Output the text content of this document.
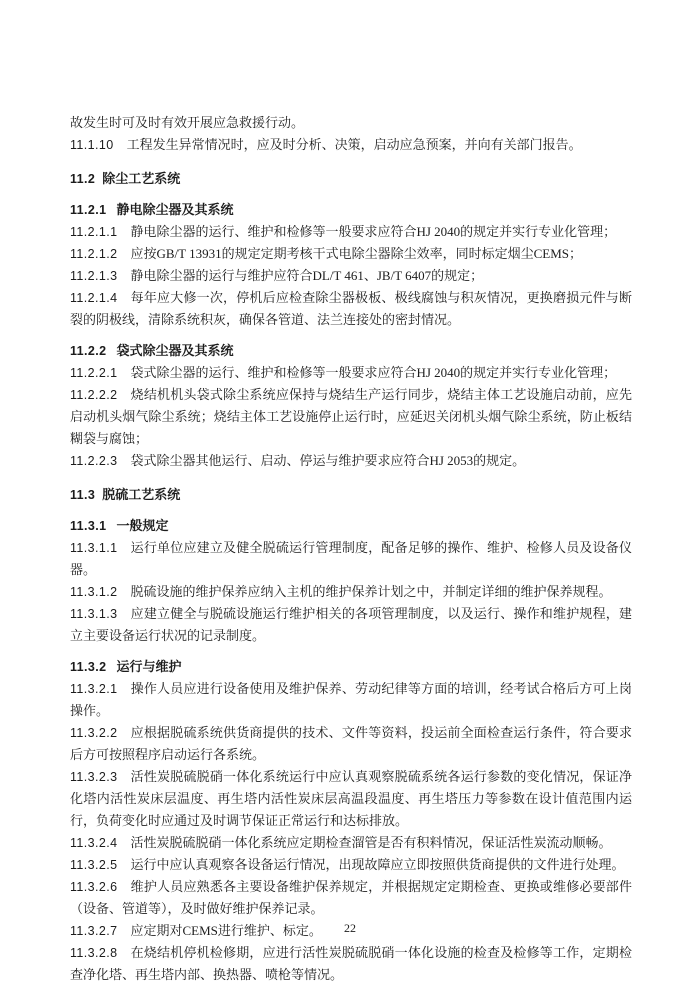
故发生时可及时有效开展应急救援行动。

11.1.10 工程发生异常情况时，应及时分析、决策，启动应急预案，并向有关部门报告。

11.2 除尘工艺系统

11.2.1 静电除尘器及其系统

11.2.1.1 静电除尘器的运行、维护和检修等一般要求应符合HJ 2040的规定并实行专业化管理；

11.2.1.2 应按GB/T 13931的规定定期考核干式电除尘器除尘效率，同时标定烟尘CEMS；

11.2.1.3 静电除尘器的运行与维护应符合DL/T 461、JB/T 6407的规定；

11.2.1.4 每年应大修一次，停机后应检查除尘器极板、极线腐蚀与积灰情况，更换磨损元件与断裂的阴极线，清除系统积灰，确保各管道、法兰连接处的密封情况。

11.2.2 袋式除尘器及其系统

11.2.2.1 袋式除尘器的运行、维护和检修等一般要求应符合HJ 2040的规定并实行专业化管理；

11.2.2.2 烧结机机头袋式除尘系统应保持与烧结生产运行同步，烧结主体工艺设施启动前，应先启动机头烟气除尘系统；烧结主体工艺设施停止运行时，应延迟关闭机头烟气除尘系统，防止板结糊袋与腐蚀；

11.2.2.3 袋式除尘器其他运行、启动、停运与维护要求应符合HJ 2053的规定。

11.3 脱硫工艺系统

11.3.1 一般规定

11.3.1.1 运行单位应建立及健全脱硫运行管理制度，配备足够的操作、维护、检修人员及设备仪器。

11.3.1.2 脱硫设施的维护保养应纳入主机的维护保养计划之中，并制定详细的维护保养规程。

11.3.1.3 应建立健全与脱硫设施运行维护相关的各项管理制度，以及运行、操作和维护规程，建立主要设备运行状况的记录制度。

11.3.2 运行与维护

11.3.2.1 操作人员应进行设备使用及维护保养、劳动纪律等方面的培训，经考试合格后方可上岗操作。

11.3.2.2 应根据脱硫系统供货商提供的技术、文件等资料，投运前全面检查运行条件，符合要求后方可按照程序启动运行各系统。

11.3.2.3 活性炭脱硫脱硝一体化系统运行中应认真观察脱硫系统各运行参数的变化情况，保证净化塔内活性炭床层温度、再生塔内活性炭床层高温段温度、再生塔压力等参数在设计值范围内运行，负荷变化时应通过及时调节保证正常运行和达标排放。

11.3.2.4 活性炭脱硫脱硝一体化系统应定期检查溜管是否有积料情况，保证活性炭流动顺畅。

11.3.2.5 运行中应认真观察各设备运行情况，出现故障应立即按照供货商提供的文件进行处理。

11.3.2.6 维护人员应熟悉各主要设备维护保养规定，并根据规定定期检查、更换或维修必要部件（设备、管道等），及时做好维护保养记录。

11.3.2.7 应定期对CEMS进行维护、标定。

11.3.2.8 在烧结机停机检修期，应进行活性炭脱硫脱硝一体化设施的检查及检修等工作，定期检查净化塔、再生塔内部、换热器、喷枪等情况。

22
